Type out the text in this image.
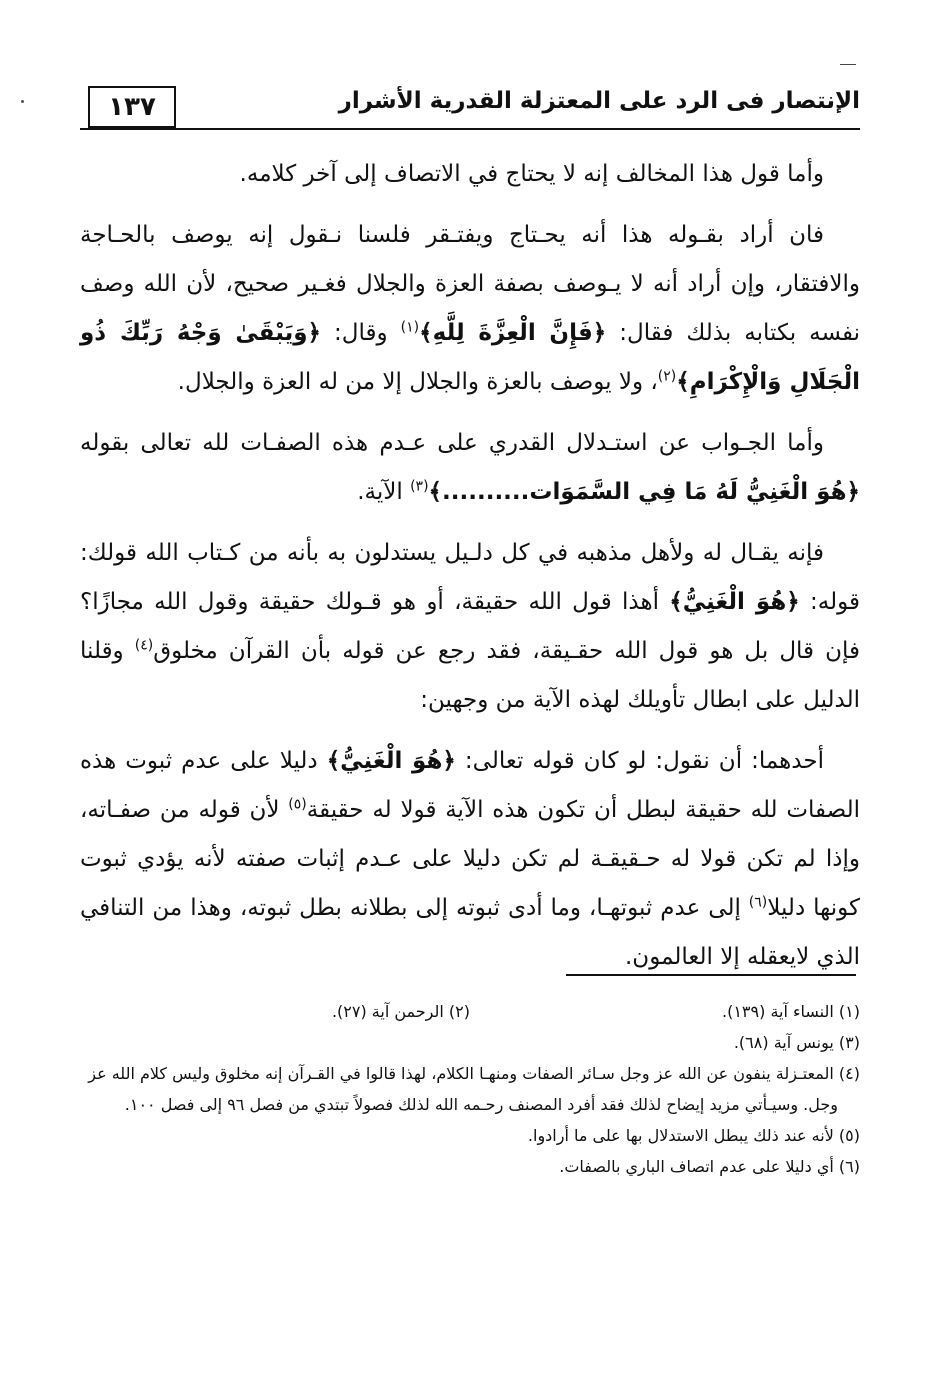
١٣٧	الإنتصار فى الرد على المعتزلة القدرية الأشرار

وأما قول هذا المخالف إنه لا يحتاج في الاتصاف إلى آخر كلامه.

فان أراد بقـوله هذا أنه يحـتاج ويفتـقر فلسنا نـقول إنه يوصف بالحـاجة والافتقار، وإن أراد أنه لا يـوصف بصفة العزة والجلال فغـير صحيح، لأن الله وصف نفسه بكتابه بذلك فقال: ﴿فَإِنَّ الْعِزَّةَ لِلَّهِ﴾$^{(١)}$ وقال: ﴿وَيَبْقَىٰ وَجْهُ رَبِّكَ ذُو الْجَلَالِ وَالْإِكْرَامِ﴾$^{(٢)}$، ولا يوصف بالعزة والجلال إلا من له العزة والجلال.

وأما الجـواب عن استـدلال القدري على عـدم هذه الصفـات لله تعالى بقوله ﴿هُوَ الْغَنِيُّ لَهُ مَا فِي السَّمَوَات..........﴾$^{(٣)}$ الآية.

فإنه يقـال له ولأهل مذهبه في كل دلـيل يستدلون به بأنه من كـتاب الله قولك: قوله: ﴿هُوَ الْغَنِيُّ﴾ أهذا قول الله حقيقة، أو هو قـولك حقيقة وقول الله مجازًا؟ فإن قال بل هو قول الله حقـيقة، فقد رجع عن قوله بأن القرآن مخلوق$^{(٤)}$ وقلنا الدليل على ابطال تأويلك لهذه الآية من وجهين:

أحدهما: أن نقول: لو كان قوله تعالى: ﴿هُوَ الْغَنِيُّ﴾ دليلا على عدم ثبوت هذه الصفات لله حقيقة لبطل أن تكون هذه الآية قولا له حقيقة$^{(٥)}$ لأن قوله من صفـاته، وإذا لم تكن قولا له حـقيقـة لم تكن دليلا على عـدم إثبات صفته لأنه يؤدي ثبوت كونها دليلا$^{(٦)}$ إلى عدم ثبوتهـا، وما أدى ثبوته إلى بطلانه بطل ثبوته، وهذا من التنافي الذي لايعقله إلا العالمون.

(١) النساء آية (١٣٩).
(٢) الرحمن آية (٢٧).
(٣) يونس آية (٦٨).
(٤) المعتـزلة ينفون عن الله عز وجل سـائر الصفات ومنهـا الكلام، لهذا قالوا في القـرآن إنه مخلوق وليس كلام الله عز وجل. وسيـأتي مزيد إيضاح لذلك فقد أفرد المصنف رحـمه الله لذلك فصولاً تبتدي من فصل ٩٦ إلى فصل ١٠٠.
(٥) لأنه عند ذلك يبطل الاستدلال بها على ما أرادوا.
(٦) أي دليلا على عدم اتصاف الباري بالصفات.
